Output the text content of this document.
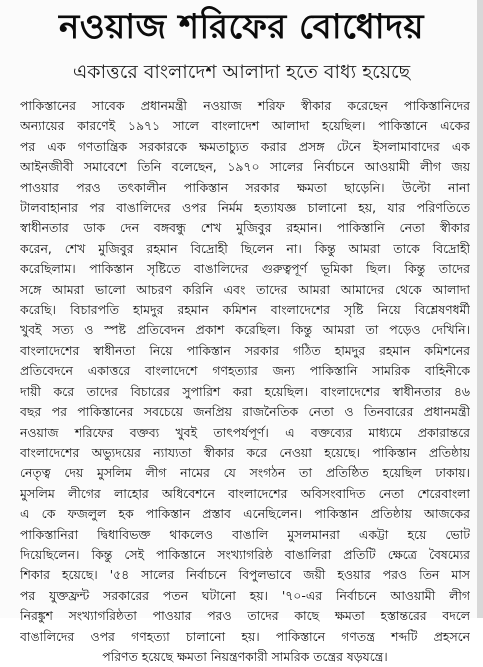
নওয়াজ শরিফের বোধোদয়
একাত্তরে বাংলাদেশ আলাদা হতে বাধ্য হয়েছে
পাকিস্তানের সাবেক প্রধানমন্ত্রী নওয়াজ শরিফ স্বীকার করেছেন পাকিস্তানিদের
অন্যায়ের কারণেই ১৯৭১ সালে বাংলাদেশ আলাদা হয়েছিল। পাকিস্তানে একের
পর এক গণতান্ত্রিক সরকারকে ক্ষমতাচ্যুত করার প্রসঙ্গ টেনে ইসলামাবাদের এক
আইনজীবী সমাবেশে তিনি বলেছেন, ১৯৭০ সালের নির্বাচনে আওয়ামী লীগ জয়
পাওয়ার পরও তৎকালীন পাকিস্তান সরকার ক্ষমতা ছাড়েনি। উল্টো নানা
টালবাহানার পর বাঙালিদের ওপর নির্মম হত্যাযজ্ঞ চালানো হয়, যার পরিণতিতে
স্বাধীনতার ডাক দেন বঙ্গবন্ধু শেখ মুজিবুর রহমান। পাকিস্তানি নেতা স্বীকার
করেন, শেখ মুজিবুর রহমান বিদ্রোহী ছিলেন না। কিন্তু আমরা তাকে বিদ্রোহী
করেছিলাম। পাকিস্তান সৃষ্টিতে বাঙালিদের গুরুত্বপূর্ণ ভূমিকা ছিল। কিন্তু তাদের
সঙ্গে আমরা ভালো আচরণ করিনি এবং তাদের আমরা আমাদের থেকে আলাদা
করেছি। বিচারপতি হামদুর রহমান কমিশন বাংলাদেশের সৃষ্টি নিয়ে বিশ্লেষণধর্মী
খুবই সত্য ও স্পষ্ট প্রতিবেদন প্রকাশ করেছিল। কিন্তু আমরা তা পড়েও দেখিনি।
বাংলাদেশের স্বাধীনতা নিয়ে পাকিস্তান সরকার গঠিত হামদুর রহমান কমিশনের
প্রতিবেদনে একাত্তরে বাংলাদেশে গণহত্যার জন্য পাকিস্তানি সামরিক বাহিনীকে
দায়ী করে তাদের বিচারের সুপারিশ করা হয়েছিল। বাংলাদেশের স্বাধীনতার ৪৬
বছর পর পাকিস্তানের সবচেয়ে জনপ্রিয় রাজনৈতিক নেতা ও তিনবারের প্রধানমন্ত্রী
নওয়াজ শরিফের বক্তব্য খুবই তাৎপর্যপূর্ণ। এ বক্তব্যের মাধ্যমে প্রকারান্তরে
বাংলাদেশের অভ্যুদয়ের ন্যায্যতা স্বীকার করে নেওয়া হয়েছে। পাকিস্তান প্রতিষ্ঠায়
নেতৃত্ব দেয় মুসলিম লীগ নামের যে সংগঠন তা প্রতিষ্ঠিত হয়েছিল ঢাকায়।
মুসলিম লীগের লাহোর অধিবেশনে বাংলাদেশের অবিসংবাদিত নেতা শেরেবাংলা
এ কে ফজলুল হক পাকিস্তান প্রস্তাব এনেছিলেন। পাকিস্তান প্রতিষ্ঠায় আজকের
পাকিস্তানিরা দ্বিধাবিভক্ত থাকলেও বাঙালি মুসলমানরা একট্টা হয়ে ভোট
দিয়েছিলেন। কিন্তু সেই পাকিস্তানে সংখ্যাগরিষ্ঠ বাঙালিরা প্রতিটি ক্ষেত্রে বৈষম্যের
শিকার হয়েছে। '৫৪ সালের নির্বাচনে বিপুলভাবে জয়ী হওয়ার পরও তিন মাস
পর যুক্তফ্রন্ট সরকারের পতন ঘটানো হয়। '৭০-এর নির্বাচনে আওয়ামী লীগ
নিরঙ্কুশ সংখ্যাগরিষ্ঠতা পাওয়ার পরও তাদের কাছে ক্ষমতা হস্তান্তরের বদলে
বাঙালিদের ওপর গণহত্যা চালানো হয়। পাকিস্তানে গণতন্ত্র শব্দটি প্রহসনে
পরিণত হয়েছে ক্ষমতা নিয়ন্ত্রণকারী সামরিক তন্ত্রের ষড়যন্ত্রে।
